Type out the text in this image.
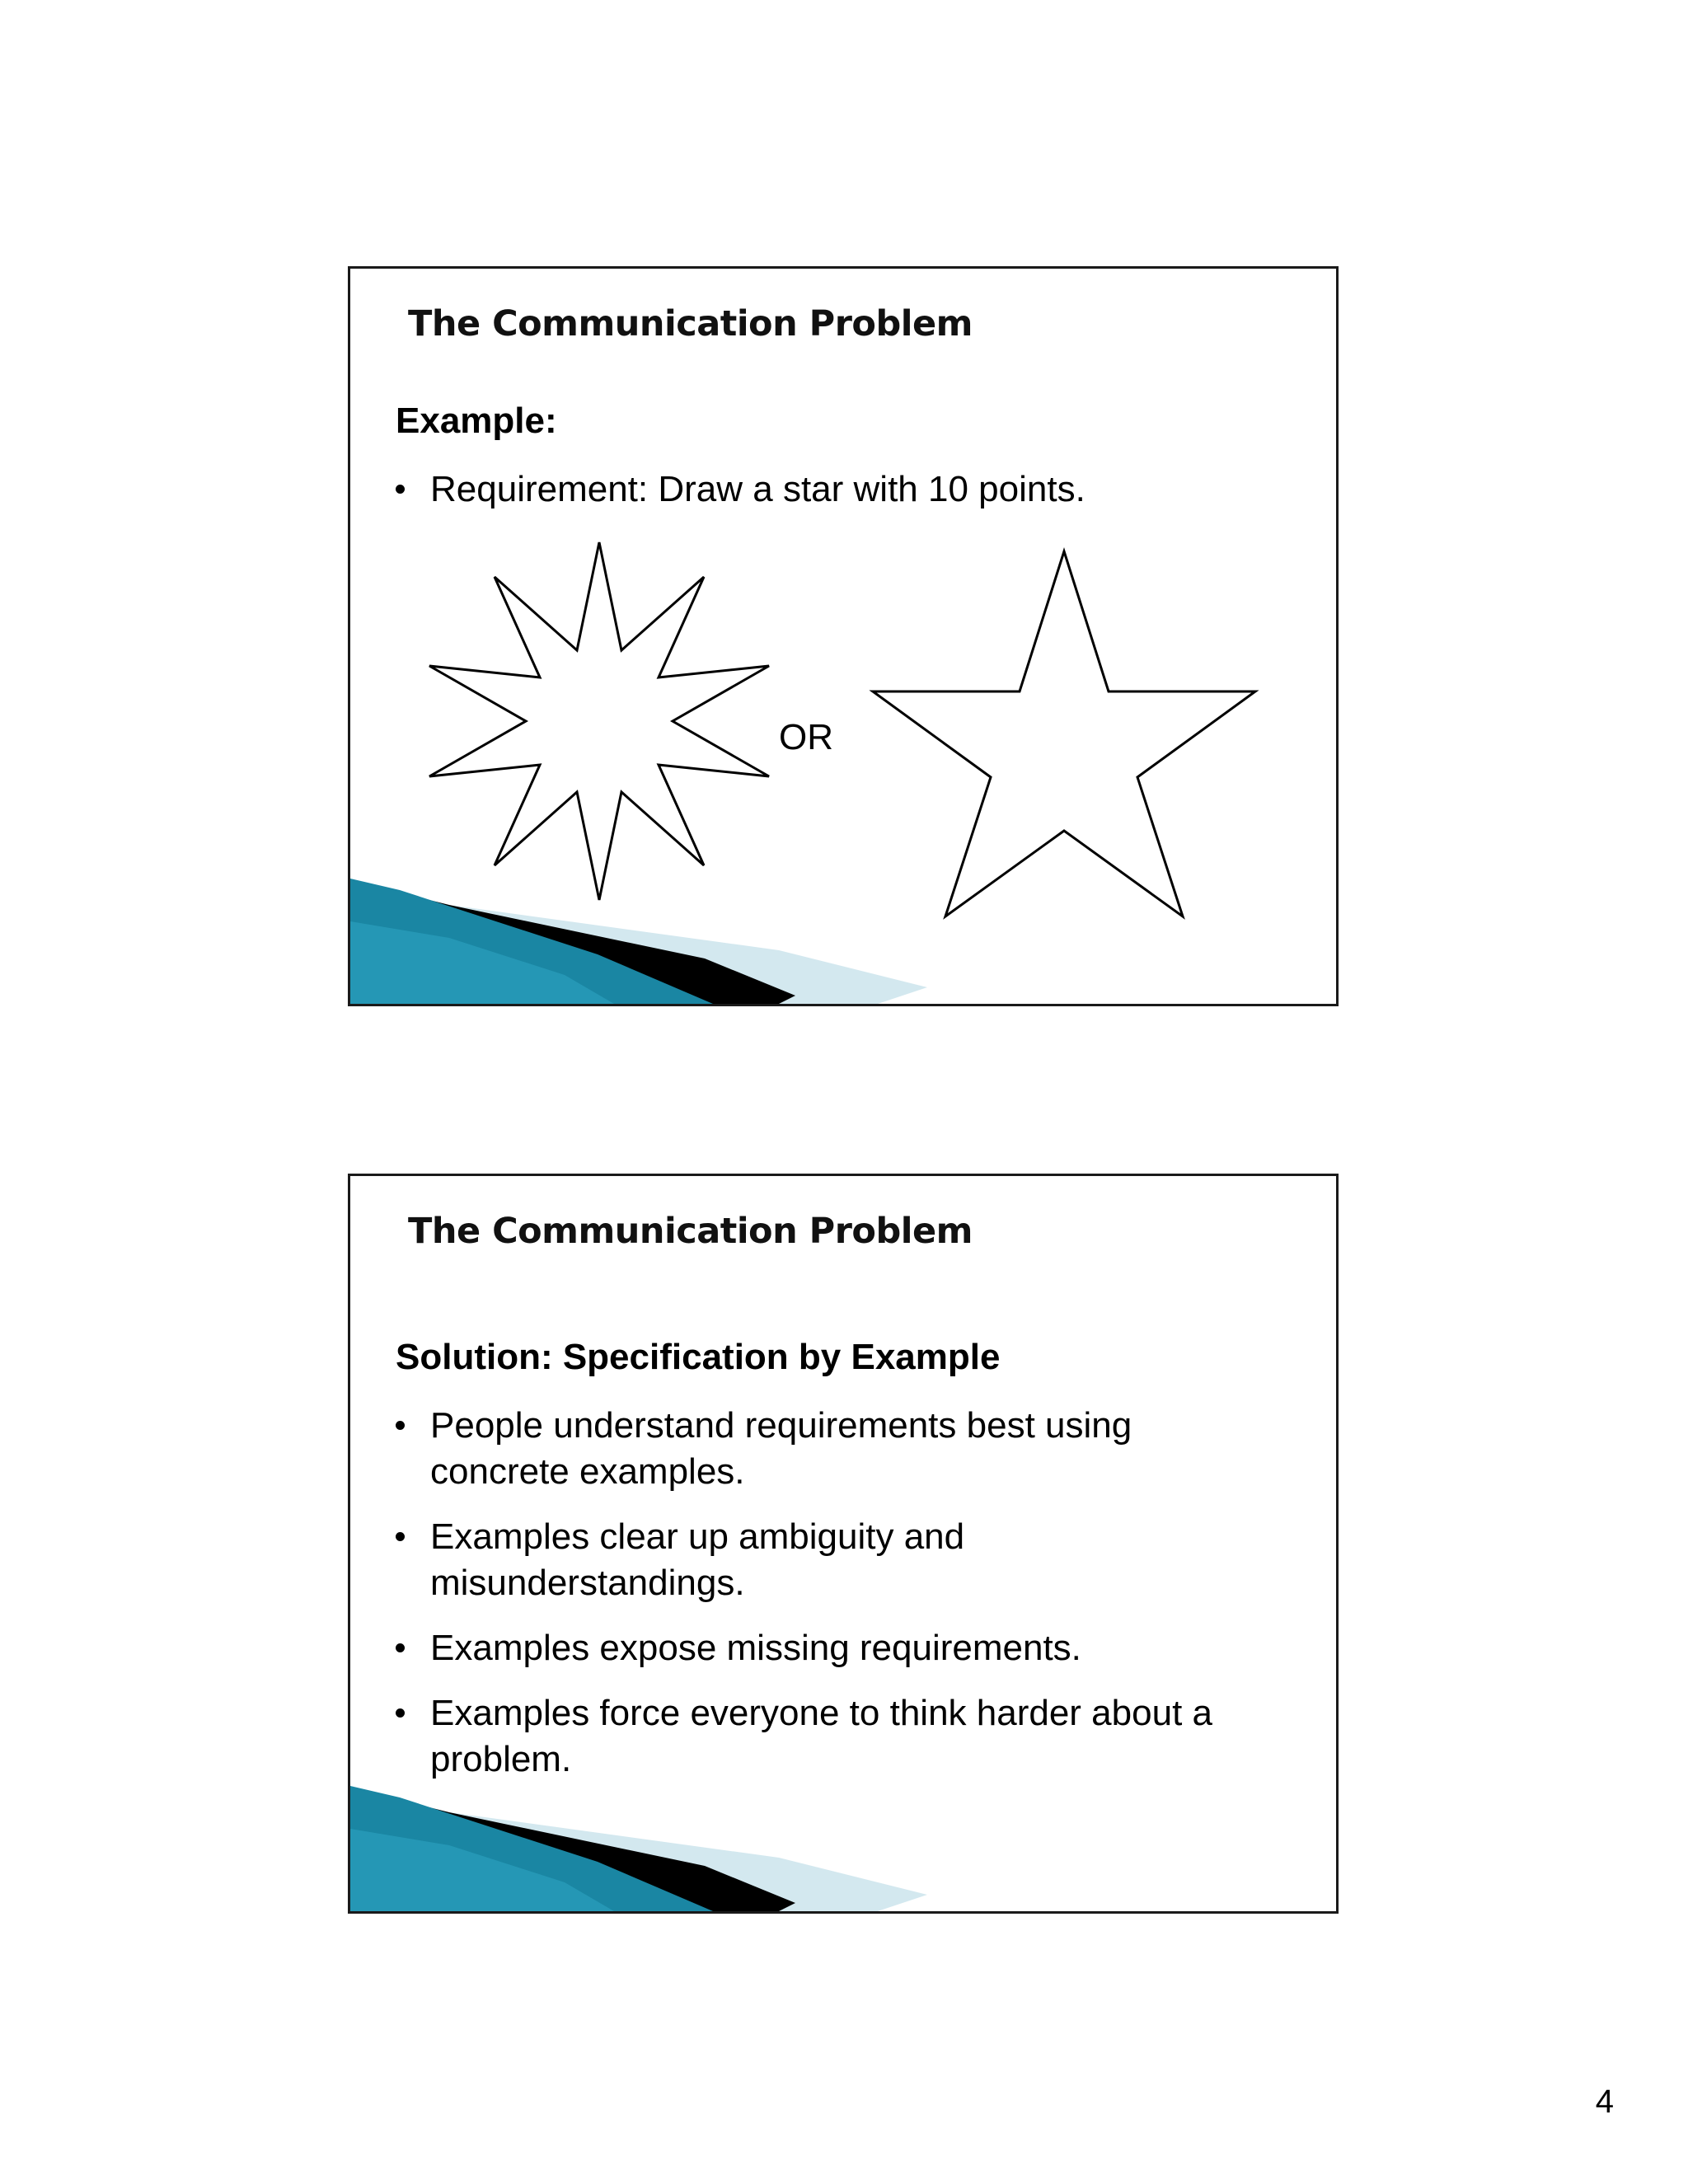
The Communication Problem
Example:
Requirement: Draw a star with 10 points.
OR
The Communication Problem
Solution: Specification by Example
People understand requirements best using concrete examples.
Examples clear up ambiguity and misunderstandings.
Examples expose missing requirements.
Examples force everyone to think harder about a problem.

4
